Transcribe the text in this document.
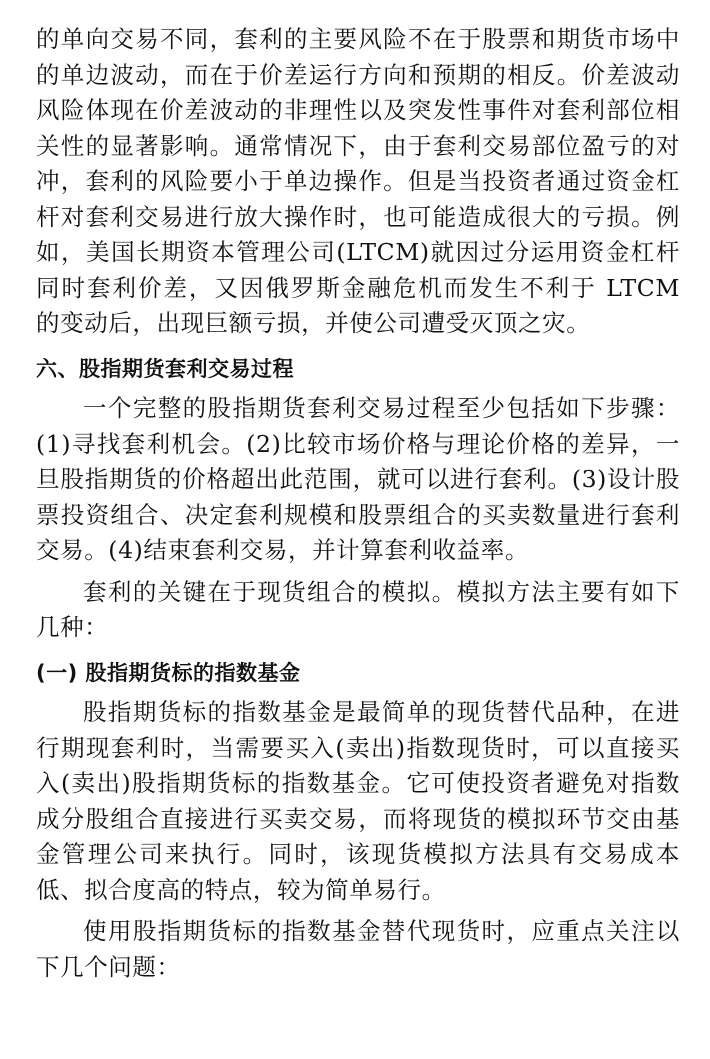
的单向交易不同，套利的主要风险不在于股票和期货市场中的单边波动，而在于价差运行方向和预期的相反。价差波动风险体现在价差波动的非理性以及突发性事件对套利部位相关性的显著影响。通常情况下，由于套利交易部位盈亏的对冲，套利的风险要小于单边操作。但是当投资者通过资金杠杆对套利交易进行放大操作时，也可能造成很大的亏损。例如，美国长期资本管理公司(LTCM)就因过分运用资金杠杆同时套利价差，又因俄罗斯金融危机而发生不利于 LTCM 的变动后，出现巨额亏损，并使公司遭受灭顶之灾。

六、股指期货套利交易过程

一个完整的股指期货套利交易过程至少包括如下步骤：(1)寻找套利机会。(2)比较市场价格与理论价格的差异，一旦股指期货的价格超出此范围，就可以进行套利。(3)设计股票投资组合、决定套利规模和股票组合的买卖数量进行套利交易。(4)结束套利交易，并计算套利收益率。

套利的关键在于现货组合的模拟。模拟方法主要有如下几种：

(一) 股指期货标的指数基金

股指期货标的指数基金是最简单的现货替代品种，在进行期现套利时，当需要买入(卖出)指数现货时，可以直接买入(卖出)股指期货标的指数基金。它可使投资者避免对指数成分股组合直接进行买卖交易，而将现货的模拟环节交由基金管理公司来执行。同时，该现货模拟方法具有交易成本低、拟合度高的特点，较为简单易行。

使用股指期货标的指数基金替代现货时，应重点关注以下几个问题：
